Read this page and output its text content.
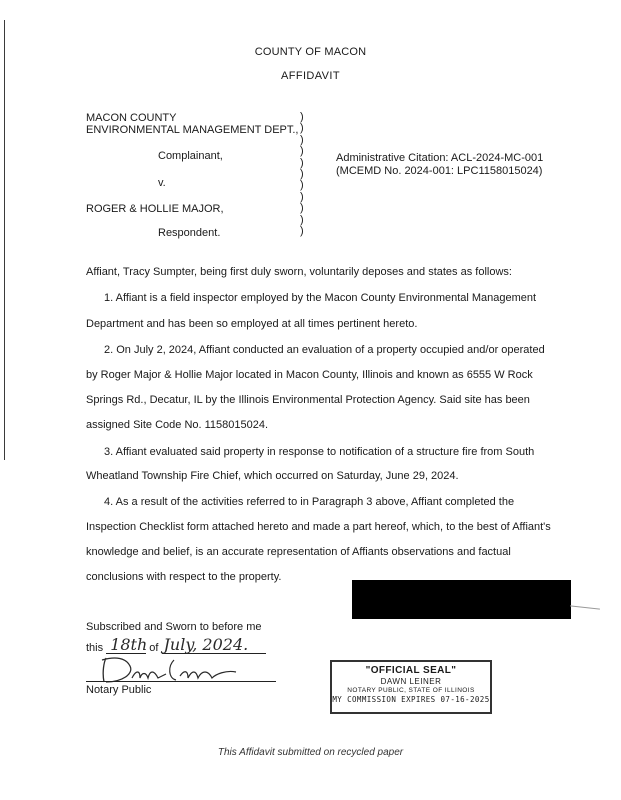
COUNTY OF MACON
AFFIDAVIT
MACON COUNTY
ENVIRONMENTAL MANAGEMENT DEPT.,
Complainant,
v.
ROGER & HOLLIE MAJOR,
Respondent.
)
)
)
)
)
)
)
)
)
)
)
Administrative Citation: ACL-2024-MC-001
(MCEMD No. 2024-001: LPC1158015024)
Affiant, Tracy Sumpter, being first duly sworn, voluntarily deposes and states as follows:
1. Affiant is a field inspector employed by the Macon County Environmental Management
Department and has been so employed at all times pertinent hereto.
2. On July 2, 2024, Affiant conducted an evaluation of a property occupied and/or operated
by Roger Major & Hollie Major located in Macon County, Illinois and known as 6555 W Rock
Springs Rd., Decatur, IL by the Illinois Environmental Protection Agency. Said site has been
assigned Site Code No. 1158015024.
3. Affiant evaluated said property in response to notification of a structure fire from South
Wheatland Township Fire Chief, which occurred on Saturday, June 29, 2024.
4. As a result of the activities referred to in Paragraph 3 above, Affiant completed the
Inspection Checklist form attached hereto and made a part hereof, which, to the best of Affiant's
knowledge and belief, is an accurate representation of Affiants observations and factual
conclusions with respect to the property.
Subscribed and Sworn to before me
this 18th of July, 2024.
Notary Public
"OFFICIAL SEAL"
DAWN LEINER
NOTARY PUBLIC, STATE OF ILLINOIS
MY COMMISSION EXPIRES 07-16-2025
This Affidavit submitted on recycled paper
